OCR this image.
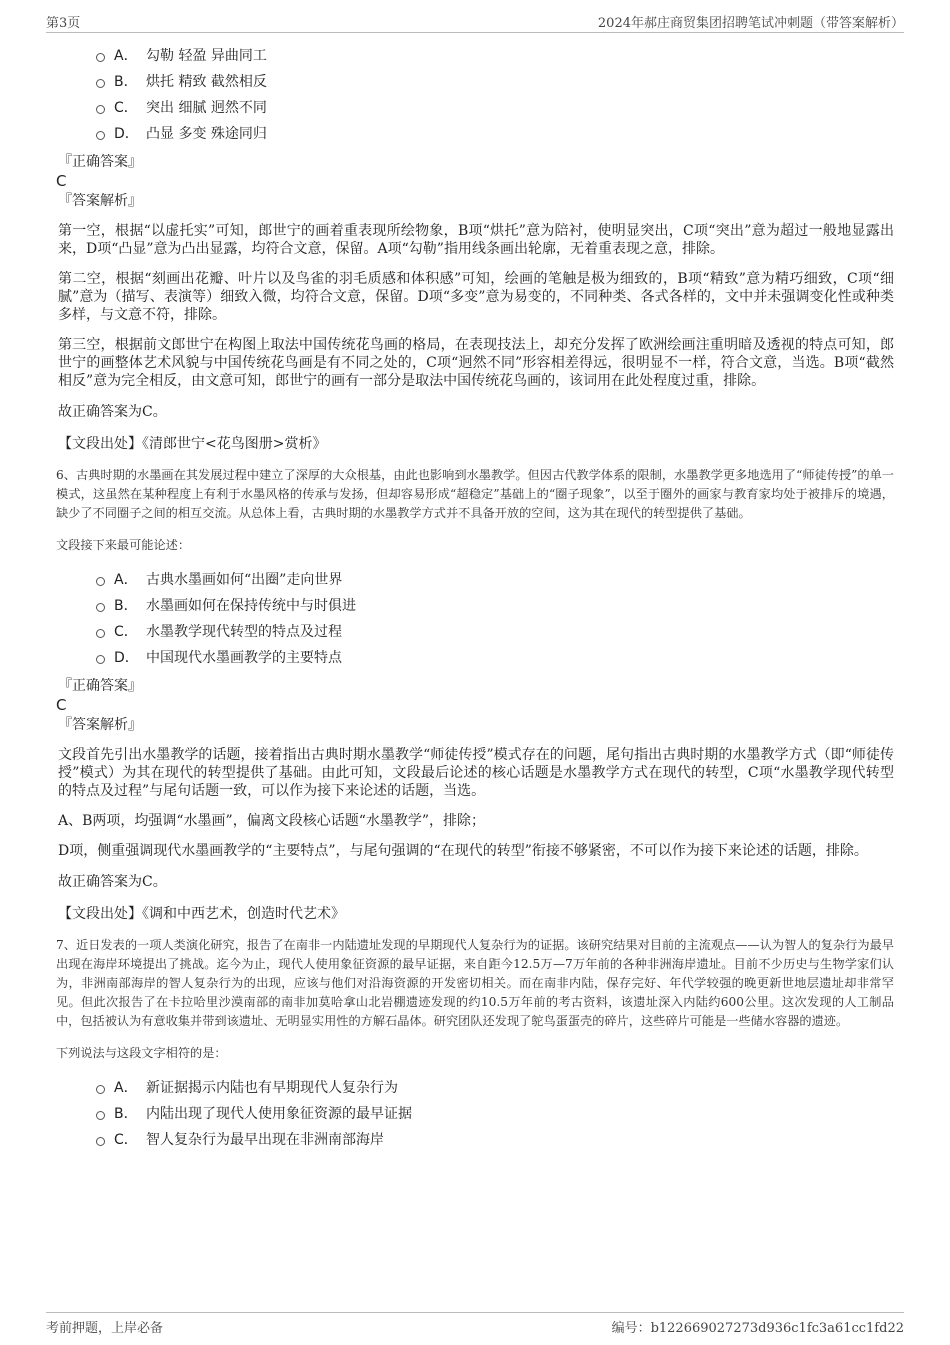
第3页	2024年郝庄商贸集团招聘笔试冲刺题（带答案解析）
A． 勾勒 轻盈 异曲同工
B． 烘托 精致 截然相反
C． 突出 细腻 迥然不同
D． 凸显 多变 殊途同归
『正确答案』
C
『答案解析』

第一空，根据“以虚托实”可知，郎世宁的画着重表现所绘物象，B项“烘托”意为陪衬，使明显突出，C项“突出”意为超过一般地显露出来，D项“凸显”意为凸出显露，均符合文意，保留。A项“勾勒”指用线条画出轮廓，无着重表现之意，排除。

第二空，根据“刻画出花瓣、叶片以及鸟雀的羽毛质感和体积感”可知，绘画的笔触是极为细致的，B项“精致”意为精巧细致，C项“细腻”意为（描写、表演等）细致入微，均符合文意，保留。D项“多变”意为易变的，不同种类、各式各样的，文中并未强调变化性或种类多样，与文意不符，排除。

第三空，根据前文郎世宁在构图上取法中国传统花鸟画的格局，在表现技法上，却充分发挥了欧洲绘画注重明暗及透视的特点可知，郎世宁的画整体艺术风貌与中国传统花鸟画是有不同之处的，C项“迥然不同”形容相差得远，很明显不一样，符合文意，当选。B项“截然相反”意为完全相反，由文意可知，郎世宁的画有一部分是取法中国传统花鸟画的，该词用在此处程度过重，排除。

故正确答案为C。

【文段出处】《清郎世宁<花鸟图册>赏析》

6、古典时期的水墨画在其发展过程中建立了深厚的大众根基，由此也影响到水墨教学。但因古代教学体系的限制，水墨教学更多地选用了“师徒传授”的单一模式，这虽然在某种程度上有利于水墨风格的传承与发扬，但却容易形成“超稳定”基础上的“圈子现象”，以至于圈外的画家与教育家均处于被排斥的境遇，缺少了不同圈子之间的相互交流。从总体上看，古典时期的水墨教学方式并不具备开放的空间，这为其在现代的转型提供了基础。

文段接下来最可能论述：

A． 古典水墨画如何“出圈”走向世界
B． 水墨画如何在保持传统中与时俱进
C． 水墨教学现代转型的特点及过程
D． 中国现代水墨画教学的主要特点
『正确答案』
C
『答案解析』

文段首先引出水墨教学的话题，接着指出古典时期水墨教学“师徒传授”模式存在的问题，尾句指出古典时期的水墨教学方式（即“师徒传授”模式）为其在现代的转型提供了基础。由此可知，文段最后论述的核心话题是水墨教学方式在现代的转型，C项“水墨教学现代转型的特点及过程”与尾句话题一致，可以作为接下来论述的话题，当选。

A、B两项，均强调“水墨画”，偏离文段核心话题“水墨教学”，排除；

D项，侧重强调现代水墨画教学的“主要特点”，与尾句强调的“在现代的转型”衔接不够紧密，不可以作为接下来论述的话题，排除。

故正确答案为C。

【文段出处】《调和中西艺术，创造时代艺术》

7、近日发表的一项人类演化研究，报告了在南非一内陆遗址发现的早期现代人复杂行为的证据。该研究结果对目前的主流观点——认为智人的复杂行为最早出现在海岸环境提出了挑战。迄今为止，现代人使用象征资源的最早证据，来自距今12.5万—7万年前的各种非洲海岸遗址。目前不少历史与生物学家们认为，非洲南部海岸的智人复杂行为的出现，应该与他们对沿海资源的开发密切相关。而在南非内陆，保存完好、年代学较强的晚更新世地层遗址却非常罕见。但此次报告了在卡拉哈里沙漠南部的南非加莫哈拿山北岩棚遗迹发现的约10.5万年前的考古资料，该遗址深入内陆约600公里。这次发现的人工制品中，包括被认为有意收集并带到该遗址、无明显实用性的方解石晶体。研究团队还发现了鸵鸟蛋蛋壳的碎片，这些碎片可能是一些储水容器的遗迹。

下列说法与这段文字相符的是：

A． 新证据揭示内陆也有早期现代人复杂行为
B． 内陆出现了现代人使用象征资源的最早证据
C． 智人复杂行为最早出现在非洲南部海岸
考前押题，上岸必备	编号：b122669027273d936c1fc3a61cc1fd22
